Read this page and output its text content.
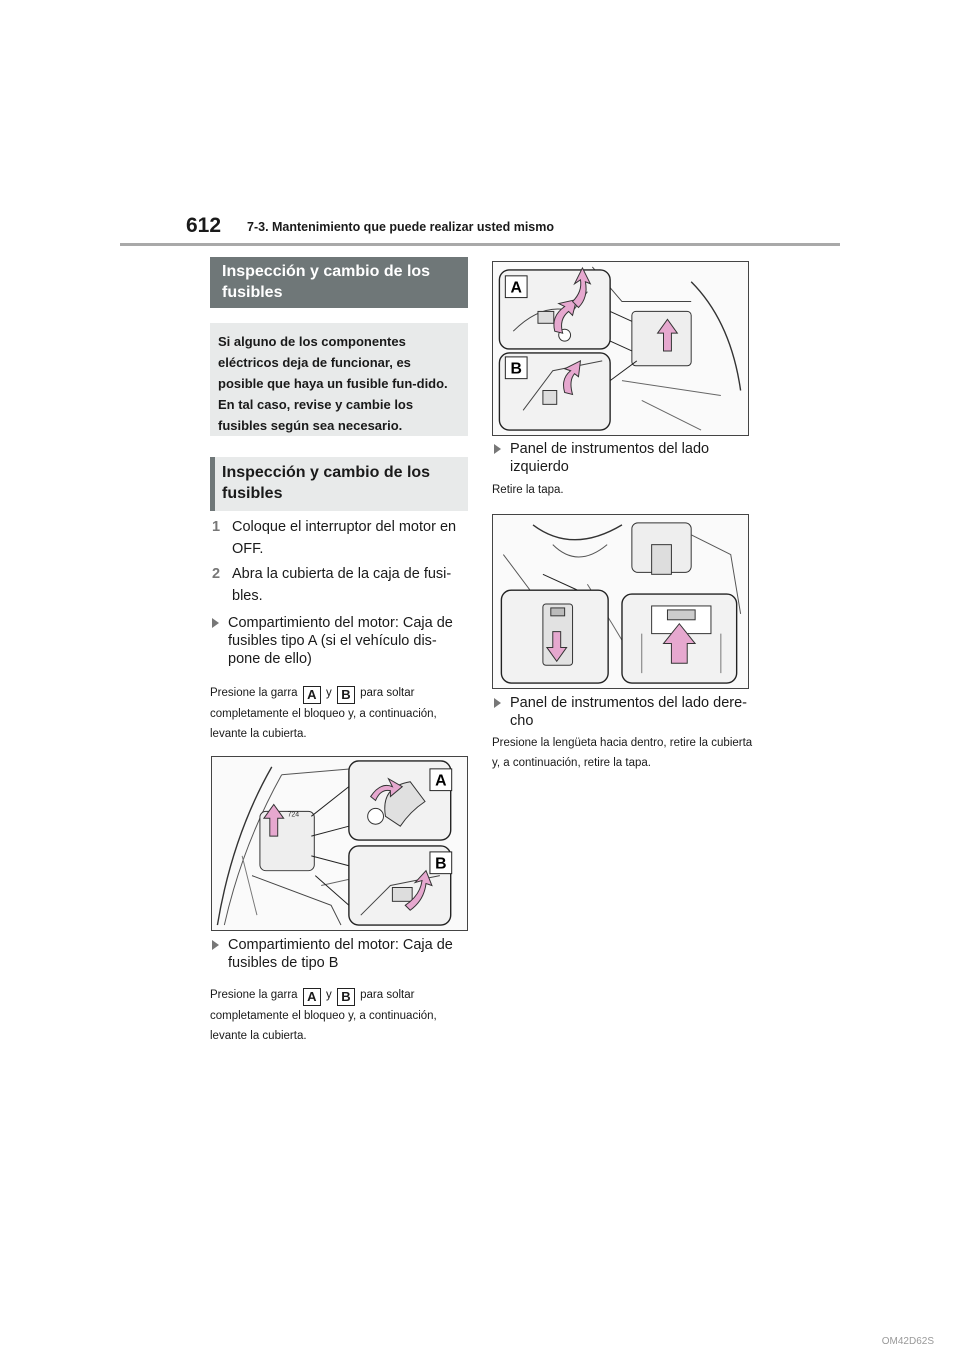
612 7-3. Mantenimiento que puede realizar usted mismo
Inspección y cambio de los fusibles
Si alguno de los componentes eléctricos deja de funcionar, es posible que haya un fusible fun-dido. En tal caso, revise y cambie los fusibles según sea necesario.
Inspección y cambio de los fusibles
1 Coloque el interruptor del motor en OFF.
2 Abra la cubierta de la caja de fusi-bles.
Compartimiento del motor: Caja de fusibles tipo A (si el vehículo dis-pone de ello)
Presione la garra A y B para soltar completamente el bloqueo y, a continuación, levante la cubierta.
724
A
B
Compartimiento del motor: Caja de fusibles de tipo B
Presione la garra A y B para soltar completamente el bloqueo y, a continuación, levante la cubierta.
A
B
Panel de instrumentos del lado izquierdo
Retire la tapa.
Panel de instrumentos del lado dere-cho
Presione la lengüeta hacia dentro, retire la cubierta y, a continuación, retire la tapa.
OM42D62S
